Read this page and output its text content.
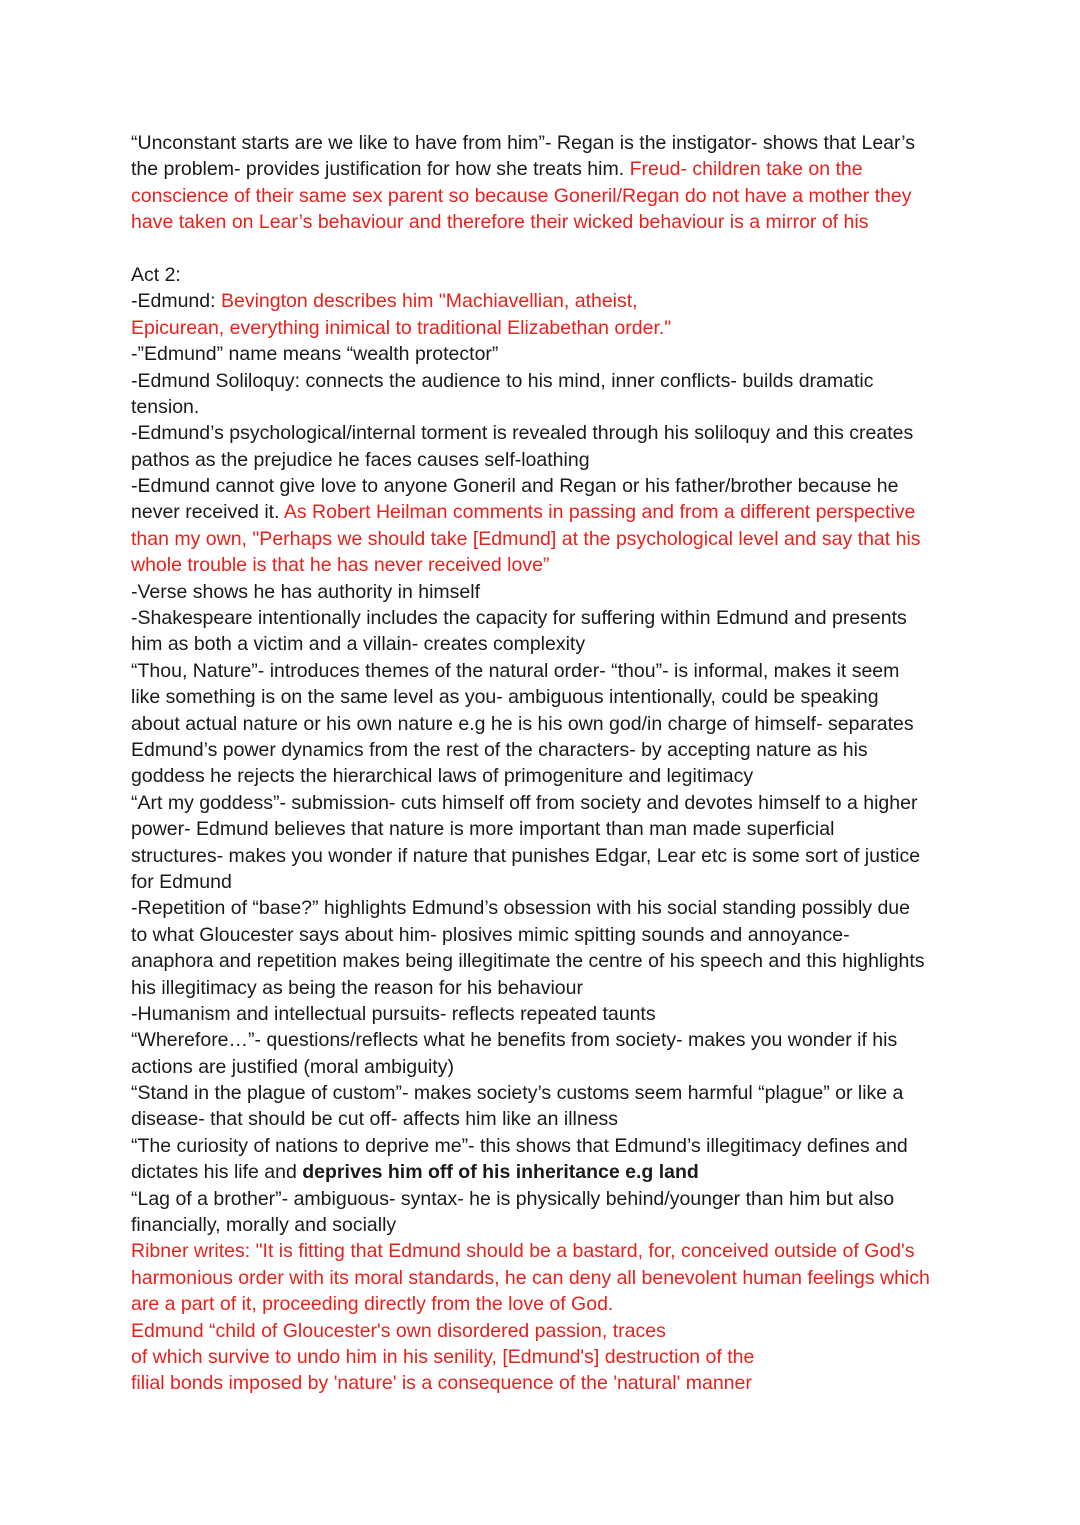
“Unconstant starts are we like to have from him”- Regan is the instigator- shows that Lear’s
the problem- provides justification for how she treats him. Freud- children take on the
conscience of their same sex parent so because Goneril/Regan do not have a mother they
have taken on Lear’s behaviour and therefore their wicked behaviour is a mirror of his
Act 2:
-Edmund: Bevington describes him "Machiavellian, atheist,
Epicurean, everything inimical to traditional Elizabethan order."
-”Edmund” name means “wealth protector”
-Edmund Soliloquy: connects the audience to his mind, inner conflicts- builds dramatic
tension.
-Edmund’s psychological/internal torment is revealed through his soliloquy and this creates
pathos as the prejudice he faces causes self-loathing
-Edmund cannot give love to anyone Goneril and Regan or his father/brother because he
never received it. As Robert Heilman comments in passing and from a different perspective
than my own, "Perhaps we should take [Edmund] at the psychological level and say that his
whole trouble is that he has never received love”
-Verse shows he has authority in himself
-Shakespeare intentionally includes the capacity for suffering within Edmund and presents
him as both a victim and a villain- creates complexity
“Thou, Nature”- introduces themes of the natural order- “thou”- is informal, makes it seem
like something is on the same level as you- ambiguous intentionally, could be speaking
about actual nature or his own nature e.g he is his own god/in charge of himself- separates
Edmund’s power dynamics from the rest of the characters- by accepting nature as his
goddess he rejects the hierarchical laws of primogeniture and legitimacy
“Art my goddess”- submission- cuts himself off from society and devotes himself to a higher
power- Edmund believes that nature is more important than man made superficial
structures- makes you wonder if nature that punishes Edgar, Lear etc is some sort of justice
for Edmund
-Repetition of “base?” highlights Edmund’s obsession with his social standing possibly due
to what Gloucester says about him- plosives mimic spitting sounds and annoyance-
anaphora and repetition makes being illegitimate the centre of his speech and this highlights
his illegitimacy as being the reason for his behaviour
-Humanism and intellectual pursuits- reflects repeated taunts
“Wherefore…”- questions/reflects what he benefits from society- makes you wonder if his
actions are justified (moral ambiguity)
“Stand in the plague of custom”- makes society’s customs seem harmful “plague” or like a
disease- that should be cut off- affects him like an illness
“The curiosity of nations to deprive me”- this shows that Edmund’s illegitimacy defines and
dictates his life and deprives him off of his inheritance e.g land
“Lag of a brother”- ambiguous- syntax- he is physically behind/younger than him but also
financially, morally and socially
Ribner writes: "It is fitting that Edmund should be a bastard, for, conceived outside of God's
harmonious order with its moral standards, he can deny all benevolent human feelings which
are a part of it, proceeding directly from the love of God.
Edmund “child of Gloucester's own disordered passion, traces
of which survive to undo him in his senility, [Edmund's] destruction of the
filial bonds imposed by 'nature' is a consequence of the 'natural' manner
